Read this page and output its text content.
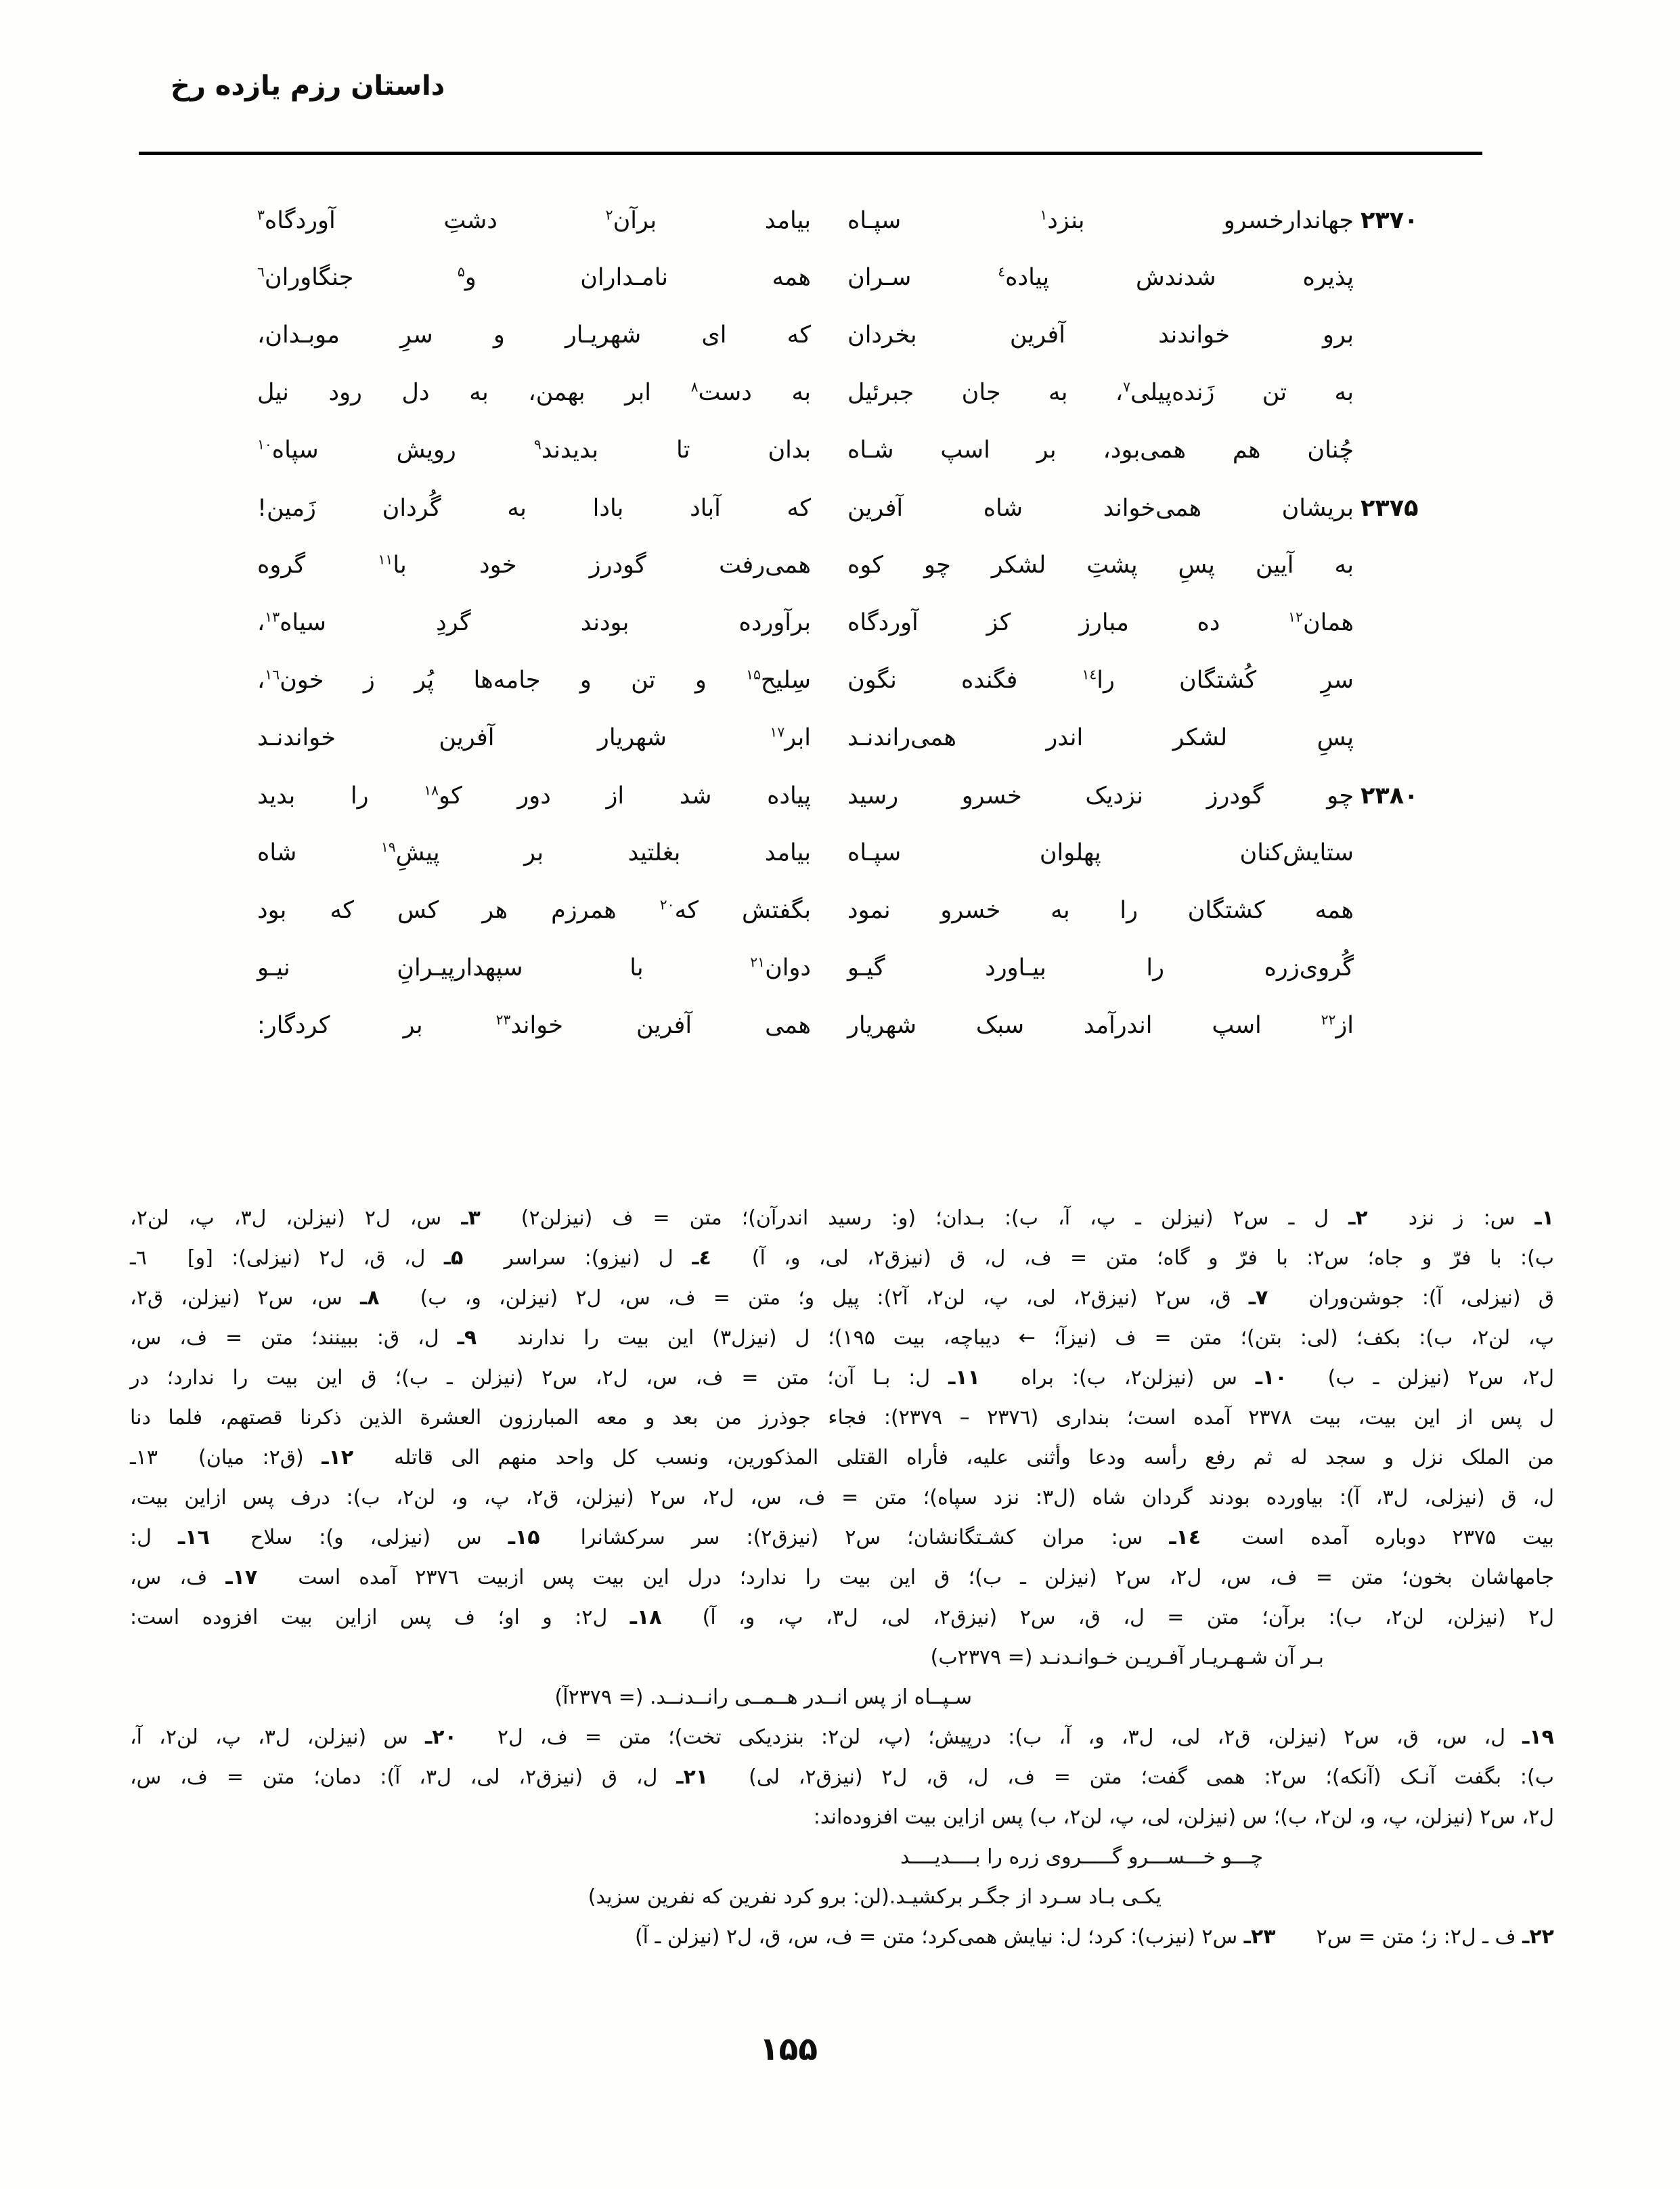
داستان رزم یازده رخ
۲۳۷۰
جهاندارخسرو بنزد$^۱$ سپـاه
بیامد برآن$^۲$ دشتِ آوردگاه$^۳$
پذیره شدندش پیاده$^٤$ سـران
همه نامـداران و$^۵$ جنگاوران$^٦$
برو خواندند آفرین بخردان
که ای شهریـار و سرِ موبـدان،
به تن زَنده‌پیلی$^۷$، به جان جبرئیل
به دست$^۸$ ابر بهمن، به دل رود نیل
چُنان هم همی‌بود، بر اسپ شـاه
بدان تا بدیدند$^۹$ رویش سپاه$^{۱۰}$
۲۳۷۵
بریشان همی‌خواند شاه آفرین
که آباد بادا به گُردان زَمین!
به آیین پسِ پشتِ لشکر چو کوه
همی‌رفت گودرز خود با$^{۱۱}$ گروه
همان$^{۱۲}$ ده مبارز کز آوردگاه
برآورده بودند گردِ سیاه$^{۱۳}$،
سرِ کُشتگان را$^{۱٤}$ فگنده نگون
سِلیح$^{۱۵}$ و تن و جامه‌ها پُر ز خون$^{۱٦}$،
پسِ لشکر اندر همی‌راندنـد
ابر$^{۱۷}$ شهریار آفرین خواندنـد
۲۳۸۰
چو گودرز نزدیک خسرو رسید
پیاده شد از دور کو$^{۱۸}$ را بدید
ستایش‌کنان پهلوان سپـاه
بیامد بغلتید بر پیشِ$^{۱۹}$ شاه
همه کشتگان را به خسرو نمود
بگفتش که$^{۲۰}$ همرزم هر کس که بود
گُروی‌زره را بیـاورد گیـو
دوان$^{۲۱}$ با سپهدارپیـرانِ نیـو
از$^{۲۲}$ اسپ اندرآمد سبک شهریار
همی آفرین خواند$^{۲۳}$ بر کردگار:
۱ـ س: ز نزد  ۲ـ ل ـ س۲ (نیزلن ـ پ، آ، ب): بـدان؛ (و: رسید اندرآن)؛ متن = ف (نیزلن۲)  ۳ـ س، ل۲ (نیزلن، ل۳، پ، لن۲،
ب): با فرّ و جاه؛ س۲: با فرّ و گاه؛ متن = ف، ل، ق (نیزق۲، لی، و، آ)  ٤ـ ل (نیزو): سراسر  ۵ـ ل، ق، ل۲ (نیزلی): [و]  ٦ـ
ق (نیزلی، آ): جوشن‌وران  ۷ـ ق، س۲ (نیزق۲، لی، پ، لن۲، آ۲): پیل و؛ متن = ف، س، ل۲ (نیزلن، و، ب)  ۸ـ س، س۲ (نیزلن، ق۲،
پ، لن۲، ب): بکف؛ (لی: بتن)؛ متن = ف (نیزآ؛ ← دیباچه، بیت ۱۹۵)؛ ل (نیزل۳) این بیت را ندارند  ۹ـ ل، ق: ببینند؛ متن = ف، س،
ل۲، س۲ (نیزلن ـ ب)  ۱۰ـ س (نیزلن۲، ب): براه  ۱۱ـ ل: بـا آن؛ متن = ف، س، ل۲، س۲ (نیزلن ـ ب)؛ ق این بیت را ندارد؛ در
ل پس از این بیت، بیت ۲۳۷۸ آمده است؛ بنداری (۲۳۷٦ – ۲۳۷۹): فجاء جوذرز من بعد و معه المبارزون العشرة الذین ذکرنا قصتهم، فلما دنا
من الملک نزل و سجد له ثم رفع رأسه ودعا وأثنی علیه، فأراه القتلی المذکورین، ونسب کل واحد منهم الی قاتله  ۱۲ـ (ق۲: میان)  ۱۳ـ
ل، ق (نیزلی، ل۳، آ): بیاورده بودند گردان شاه (ل۳: نزد سپاه)؛ متن = ف، س، ل۲، س۲ (نیزلن، ق۲، پ، و، لن۲، ب): درف پس ازاین بیت،
بیت ۲۳۷۵ دوباره آمده است  ۱٤ـ س: مران کشـتگانشان؛ س۲ (نیزق۲): سر سرکشانرا  ۱۵ـ س (نیزلی، و): سلاح  ۱٦ـ ل:
جامهاشان بخون؛ متن = ف، س، ل۲، س۲ (نیزلن ـ ب)؛ ق این بیت را ندارد؛ درل این بیت پس ازبیت ۲۳۷٦ آمده است  ۱۷ـ ف، س،
ل۲ (نیزلن، لن۲، ب): برآن؛ متن = ل، ق، س۲ (نیزق۲، لی، ل۳، پ، و، آ)  ۱۸ـ ل۲: و او؛ ف پس ازاین بیت افزوده است:
بـر آن شـهـریـار آفـریـن خـوانـدنـد (= ۲۳۷۹ب)
سـپــاه از پس انــدر هــمــی رانــدنــد. (= ۲۳۷۹آ)
۱۹ـ ل، س، ق، س۲ (نیزلن، ق۲، لی، ل۳، و، آ، ب): درپیش؛ (پ، لن۲: بنزدیکی تخت)؛ متن = ف، ل۲  ۲۰ـ س (نیزلن، ل۳، پ، لن۲، آ،
ب): بگفت آنـک (آنکه)؛ س۲: همی گفت؛ متن = ف، ل، ق، ل۲ (نیزق۲، لی)  ۲۱ـ ل، ق (نیزق۲، لی، ل۳، آ): دمان؛ متن = ف، س،
ل۲، س۲ (نیزلن، پ، و، لن۲، ب)؛ س (نیزلن، لی، پ، لن۲، ب) پس ازاین بیت افزوده‌اند:
چـــو خـــســـرو گـــــروی زره را بــــدیــــد
یکـی بـاد سـرد از جگـر برکشیـد.(لن: برو کرد نفرین که نفرین سزید)
۲۲ـ ف ـ ل۲: ز؛ متن = س۲  ۲۳ـ س۲ (نیزب): کرد؛ ل: نیایش همی‌کرد؛ متن = ف، س، ق، ل۲ (نیزلن ـ آ)
۱۵۵
